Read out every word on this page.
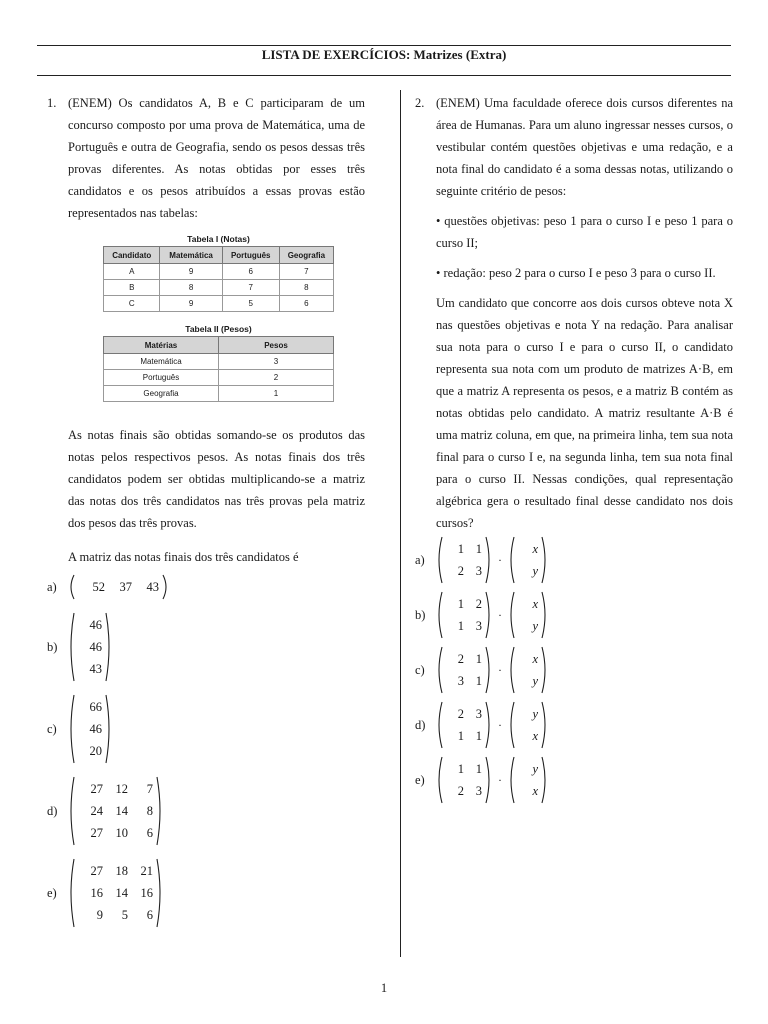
LISTA DE EXERCÍCIOS: Matrizes (Extra)
1. (ENEM) Os candidatos A, B e C participaram de um concurso composto por uma prova de Matemática, uma de Português e outra de Geografia, sendo os pesos dessas três provas diferentes. As notas obtidas por esses três candidatos e os pesos atribuídos a essas provas estão representados nas tabelas:

Tabela I (Notas)
Candidato	Matemática	Português	Geografia
A	9	6	7
B	8	7	8
C	9	5	6
Tabela II (Pesos)
Matérias	Pesos
Matemática	3
Português	2
Geografia	1

As notas finais são obtidas somando-se os produtos das notas pelos respectivos pesos. As notas finais dos três candidatos podem ser obtidas multiplicando-se a matriz das notas dos três candidatos nas três provas pela matriz dos pesos das três provas.

A matriz das notas finais dos três candidatos é

a)	52	37	43
b)
46
46
43
c)
66
46
20
d)
27	12	7
24	14	8
27	10	6
e)
27	18	21
16	14	16
9	5	6
2. (ENEM) Uma faculdade oferece dois cursos diferentes na área de Humanas. Para um aluno ingressar nesses cursos, o vestibular contém questões objetivas e uma redação, e a nota final do candidato é a soma dessas notas, utilizando o seguinte critério de pesos:

• questões objetivas: peso 1 para o curso I e peso 1 para o curso II;

• redação: peso 2 para o curso I e peso 3 para o curso II.

Um candidato que concorre aos dois cursos obteve nota X nas questões objetivas e nota Y na redação. Para analisar sua nota para o curso I e para o curso II, o candidato representa sua nota com um produto de matrizes A·B, em que a matriz A representa os pesos, e a matriz B contém as notas obtidas pelo candidato. A matriz resultante A·B é uma matriz coluna, em que, na primeira linha, tem sua nota final para o curso I e, na segunda linha, tem sua nota final para o curso II. Nessas condições, qual representação algébrica gera o resultado final desse candidato nos dois cursos?

a)
1 1
2 3
·
x
y
b)
1 2
1 3
·
x
y
c)
2 1
3 1
·
x
y
d)
2 3
1 1
·
y
x
e)
1 1
2 3
·
y
x
1
